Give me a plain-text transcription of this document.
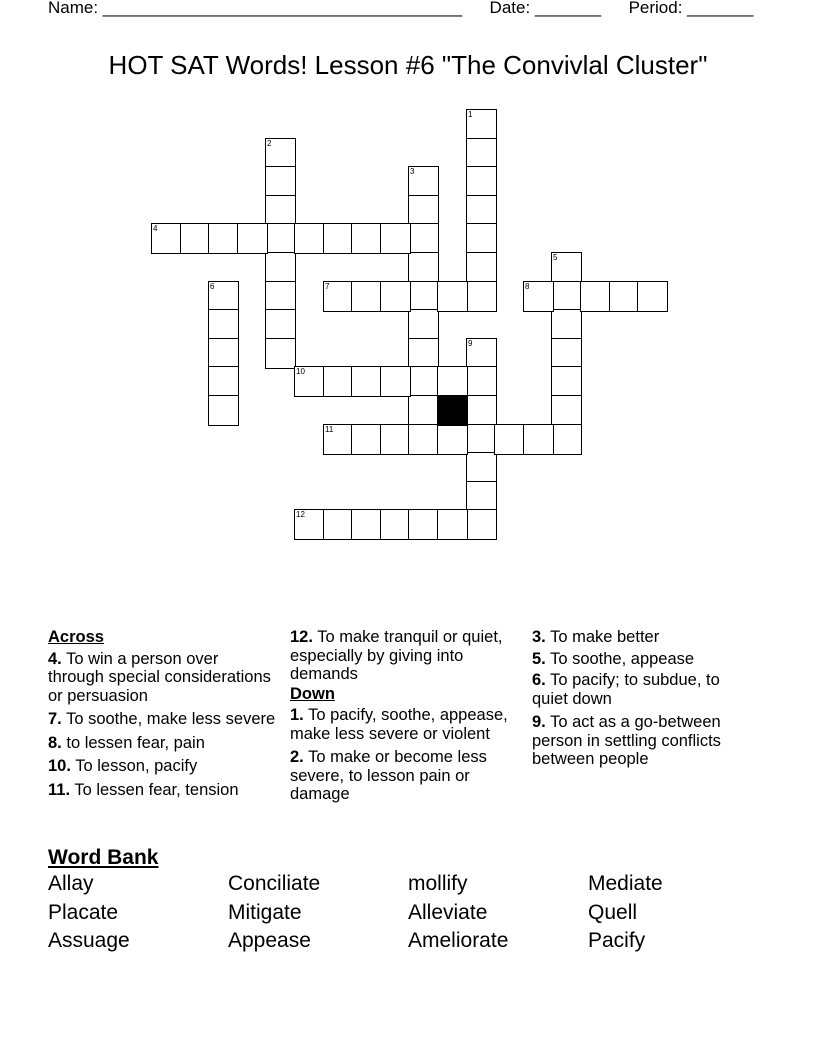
Name: ______________________________________ Date: _______ Period: _______
HOT SAT Words! Lesson #6 "The Convivlal Cluster"
1
2
3
4
5
6	7	8
9
10
11
12
Across
4. To win a person over through special considerations or persuasion
7. To soothe, make less severe
8. to lessen fear, pain
10. To lesson, pacify
11. To lessen fear, tension
12. To make tranquil or quiet, especially by giving into demands
Down
1. To pacify, soothe, appease, make less severe or violent
2. To make or become less severe, to lesson pain or damage
3. To make better
5. To soothe, appease
6. To pacify; to subdue, to quiet down
9. To act as a go-between person in settling conflicts between people
Word Bank
Allay	Conciliate	mollify	Mediate
Placate	Mitigate	Alleviate	Quell
Assuage	Appease	Ameliorate	Pacify
